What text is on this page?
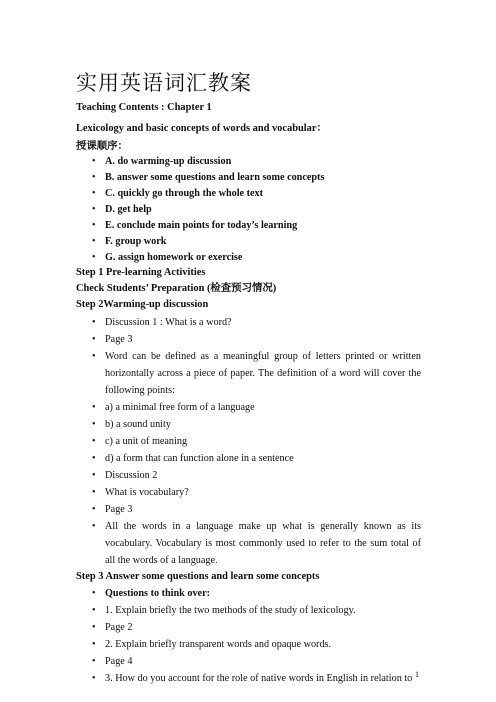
实用英语词汇教案
Teaching Contents : Chapter 1
Lexicology and basic concepts of words and vocabular：
授课顺序：
• A. do warming-up discussion
• B. answer some questions and learn some concepts
• C. quickly go through the whole text
• D. get help
• E. conclude main points for today’s learning
• F. group work
• G. assign homework or exercise
Step 1 Pre-learning Activities
Check Students’ Preparation (检查预习情况)
Step 2Warming-up discussion
• Discussion 1 : What is a word?
• Page 3
• Word can be defined as a meaningful group of letters printed or written horizontally across a piece of paper. The definition of a word will cover the following points:
• a) a minimal free form of a language
• b) a sound unity
• c) a unit of meaning
• d) a form that can function alone in a sentence
• Discussion 2
• What is vocabulary?
• Page 3
• All the words in a language make up what is generally known as its vocabulary. Vocabulary is most commonly used to refer to the sum total of all the words of a language.
Step 3 Answer some questions and learn some concepts
• Questions to think over:
• 1. Explain briefly the two methods of the study of lexicology.
• Page 2
• 2. Explain briefly transparent words and opaque words.
• Page 4
• 3. How do you account for the role of native words in English in relation to 1
